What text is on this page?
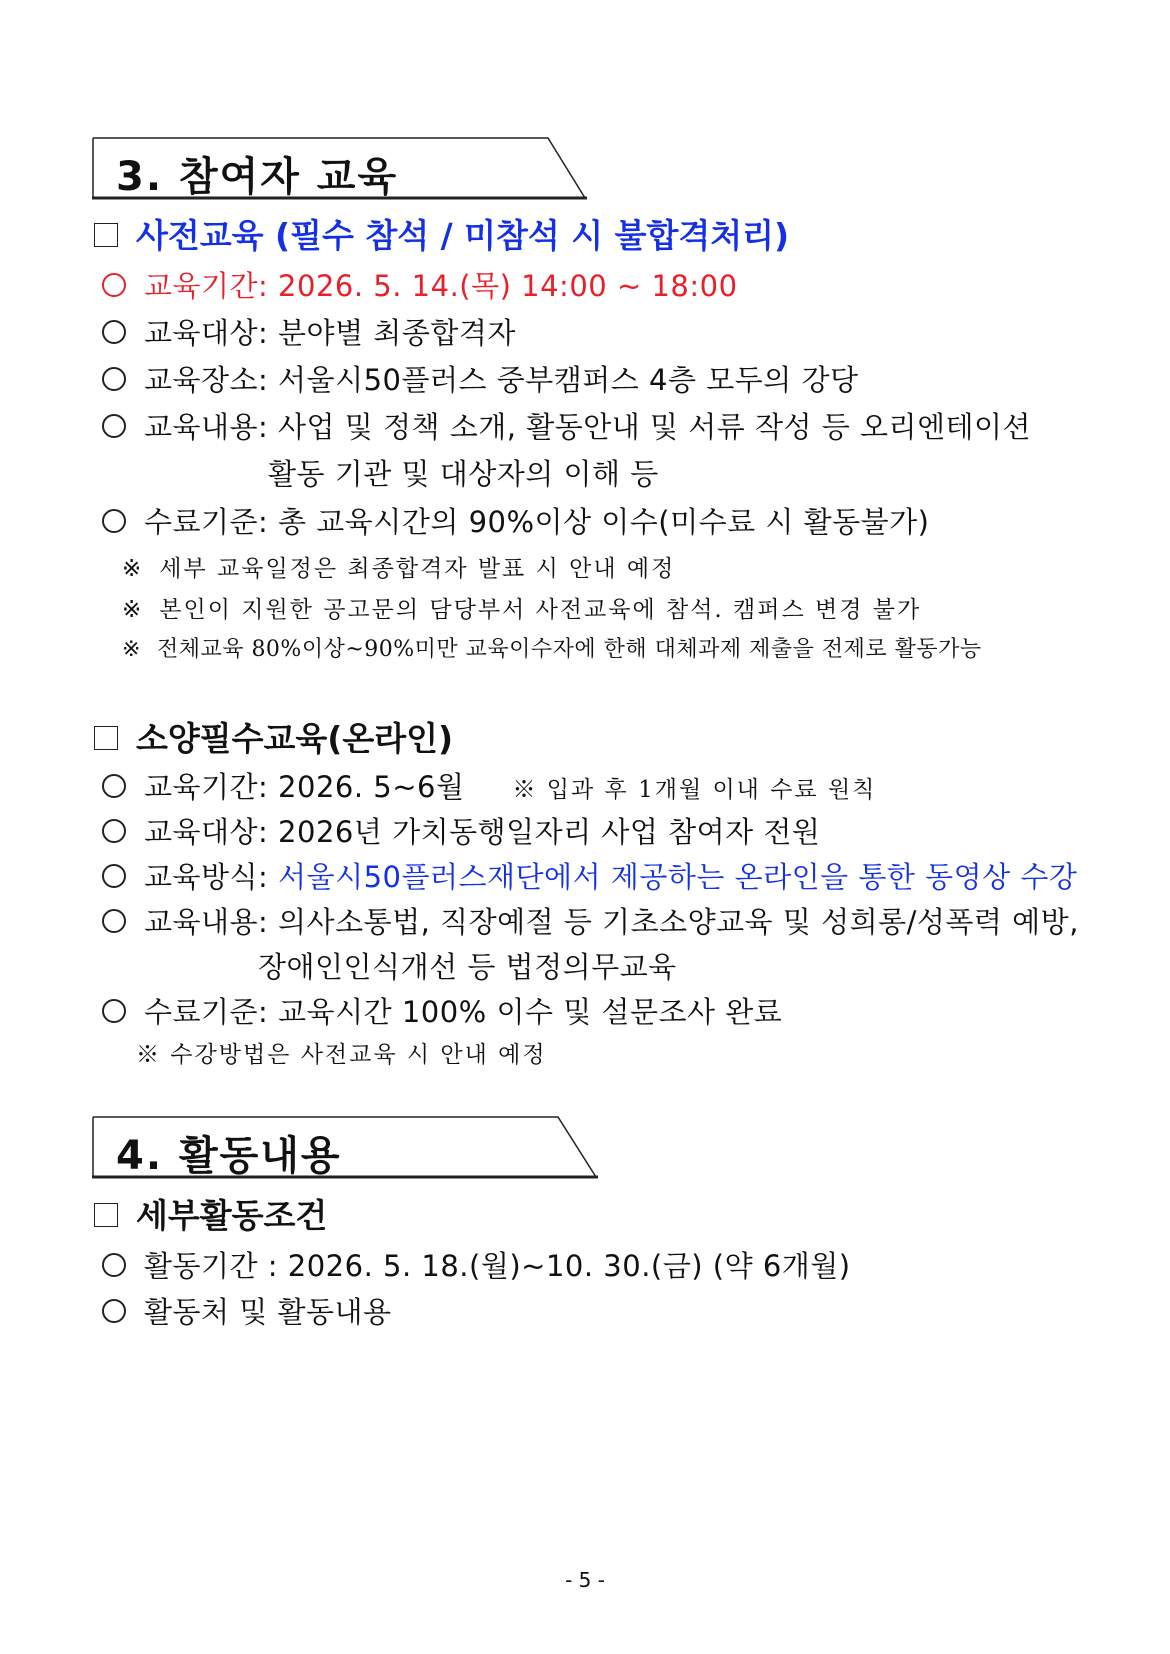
3. 참여자 교육
사전교육 (필수 참석 / 미참석 시 불합격처리)
교육기간: 2026. 5. 14.(목) 14:00 ~ 18:00
교육대상: 분야별 최종합격자
교육장소: 서울시50플러스 중부캠퍼스 4층 모두의 강당
교육내용: 사업 및 정책 소개, 활동안내 및 서류 작성 등 오리엔테이션
활동 기관 및 대상자의 이해 등
수료기준: 총 교육시간의 90%이상 이수(미수료 시 활동불가)
※ 세부 교육일정은 최종합격자 발표 시 안내 예정
※ 본인이 지원한 공고문의 담당부서 사전교육에 참석. 캠퍼스 변경 불가
※ 전체교육 80%이상~90%미만 교육이수자에 한해 대체과제 제출을 전제로 활동가능
소양필수교육(온라인)
교육기간: 2026. 5~6월 ※ 입과 후 1개월 이내 수료 원칙
교육대상: 2026년 가치동행일자리 사업 참여자 전원
교육방식: 서울시50플러스재단에서 제공하는 온라인을 통한 동영상 수강
교육내용: 의사소통법, 직장예절 등 기초소양교육 및 성희롱/성폭력 예방,
장애인인식개선 등 법정의무교육
수료기준: 교육시간 100% 이수 및 설문조사 완료
※ 수강방법은 사전교육 시 안내 예정
4. 활동내용
세부활동조건
활동기간 : 2026. 5. 18.(월)~10. 30.(금) (약 6개월)
활동처 및 활동내용
- 5 -
